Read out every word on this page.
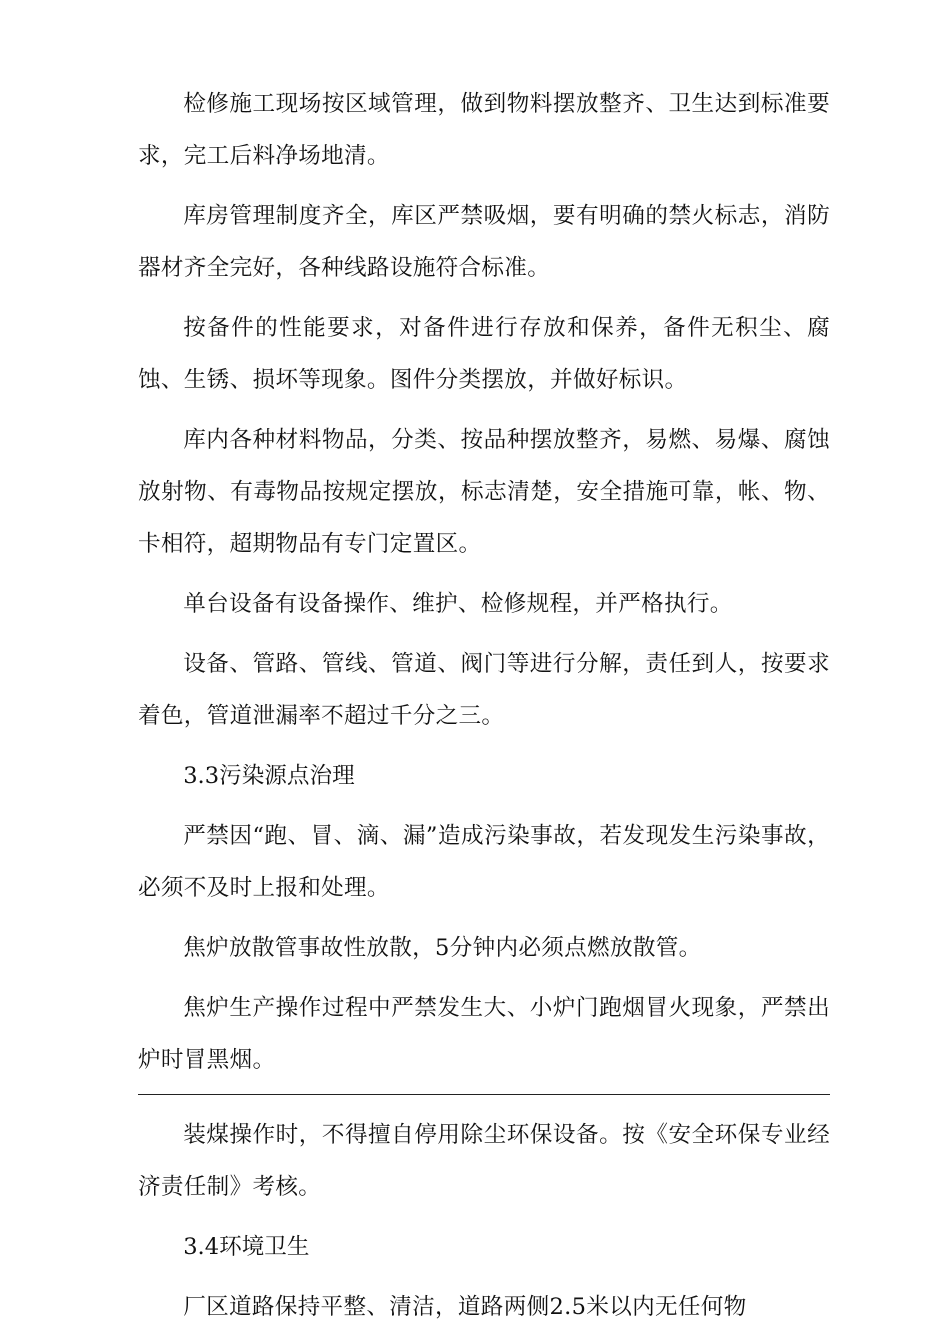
检修施工现场按区域管理，做到物料摆放整齐、卫生达到标准要求，完工后料净场地清。

库房管理制度齐全，库区严禁吸烟，要有明确的禁火标志，消防器材齐全完好，各种线路设施符合标准。

按备件的性能要求，对备件进行存放和保养，备件无积尘、腐蚀、生锈、损坏等现象。图件分类摆放，并做好标识。

库内各种材料物品，分类、按品种摆放整齐，易燃、易爆、腐蚀放射物、有毒物品按规定摆放，标志清楚，安全措施可靠，帐、物、卡相符，超期物品有专门定置区。

单台设备有设备操作、维护、检修规程，并严格执行。

设备、管路、管线、管道、阀门等进行分解，责任到人，按要求着色，管道泄漏率不超过千分之三。

3.3污染源点治理

严禁因“跑、冒、滴、漏”造成污染事故，若发现发生污染事故，必须不及时上报和处理。

焦炉放散管事故性放散，5分钟内必须点燃放散管。

焦炉生产操作过程中严禁发生大、小炉门跑烟冒火现象，严禁出炉时冒黑烟。

装煤操作时，不得擅自停用除尘环保设备。按《安全环保专业经济责任制》考核。

3.4环境卫生

厂区道路保持平整、清洁，道路两侧2.5米以内无任何物
